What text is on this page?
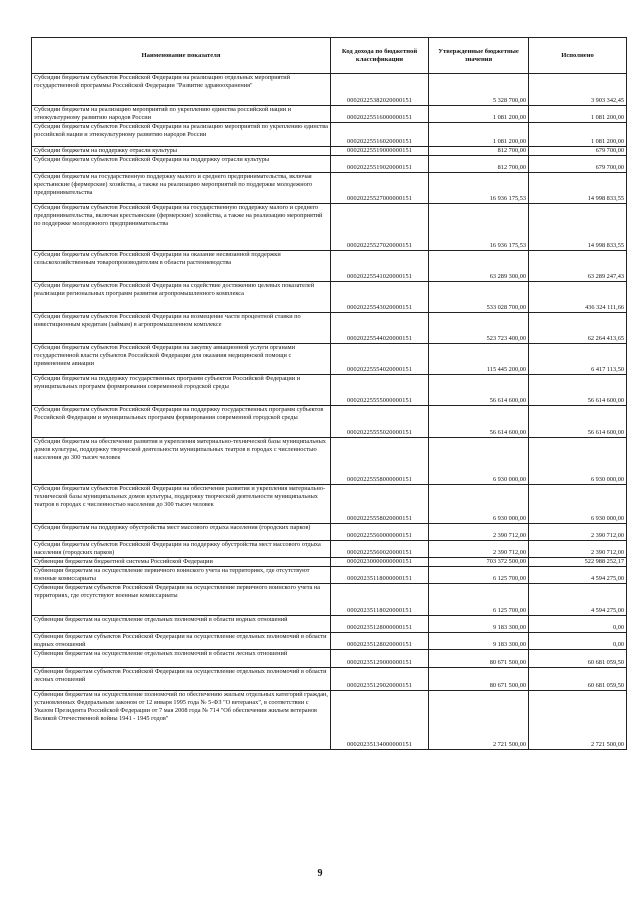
Наименование показателя	Код дохода по бюджетной классификации	Утвержденные бюджетные значения	Исполнено
Субсидии бюджетам субъектов Российской Федерации на реализацию отдельных мероприятий государственной программы Российской Федерации "Развитие здравоохранения"	00020225382020000151	5 328 700,00	3 903 342,45
Субсидии бюджетам на реализацию мероприятий по укреплению единства российской нации и этнокультурному развитию народов России	00020225516000000151	1 081 200,00	1 081 200,00
Субсидии бюджетам субъектов Российской Федерации на реализацию мероприятий по укреплению единства российской нации и этнокультурному развитию народов России	00020225516020000151	1 081 200,00	1 081 200,00
Субсидии бюджетам на поддержку отрасли культуры	00020225519000000151	812 700,00	679 700,00
Субсидии бюджетам субъектов Российской Федерации на поддержку отрасли культуры	00020225519020000151	812 700,00	679 700,00
Субсидии бюджетам на государственную поддержку малого и среднего предпринимательства, включая крестьянские (фермерские) хозяйства, а также на реализацию мероприятий по поддержке молодежного предпринимательства	00020225527000000151	16 936 175,53	14 998 833,55
Субсидии бюджетам субъектов Российской Федерации на государственную поддержку малого и среднего предпринимательства, включая крестьянские (фермерские) хозяйства, а также на реализацию мероприятий по поддержке молодежного предпринимательства	00020225527020000151	16 936 175,53	14 998 833,55
Субсидии бюджетам субъектов Российской Федерации на оказание несвязанной поддержки сельскохозяйственным товаропроизводителям в области растениеводства	00020225541020000151	63 289 300,00	63 289 247,43
Субсидии бюджетам субъектов Российской Федерации на содействие достижению целевых показателей реализации региональных программ развития агропромышленного комплекса	00020225543020000151	533 028 700,00	436 324 111,66
Субсидии бюджетам субъектов Российской Федерации на возмещение части процентной ставки по инвестиционным кредитам (займам) в агропромышленном комплексе	00020225544020000151	523 723 400,00	62 264 413,65
Субсидии бюджетам субъектов Российской Федерации на закупку авиационной услуги органами государственной власти субъектов Российской Федерации для оказания медицинской помощи с применением авиации	00020225554020000151	115 445 200,00	6 417 113,50
Субсидии бюджетам на поддержку государственных программ субъектов Российской Федерации и муниципальных программ формирования современной городской среды	00020225555000000151	56 614 600,00	56 614 600,00
Субсидии бюджетам субъектов Российской Федерации на поддержку государственных программ субъектов Российской Федерации и муниципальных программ формирования современной городской среды	00020225555020000151	56 614 600,00	56 614 600,00
Субсидии бюджетам на обеспечение развития и укрепления материально-технической базы муниципальных домов культуры, поддержку творческой деятельности муниципальных театров в городах с численностью населения до 300 тысяч человек	00020225558000000151	6 930 000,00	6 930 000,00
Субсидии бюджетам субъектов Российской Федерации на обеспечение развития и укрепления материально-технической базы муниципальных домов культуры, поддержку творческой деятельности муниципальных театров в городах с численностью населения до 300 тысяч человек	00020225558020000151	6 930 000,00	6 930 000,00
Субсидии бюджетам на поддержку обустройства мест массового отдыха населения (городских парков)	00020225560000000151	2 390 712,00	2 390 712,00
Субсидии бюджетам субъектов Российской Федерации на поддержку обустройства мест массового отдыха населения (городских парков)	00020225560020000151	2 390 712,00	2 390 712,00
Субвенции бюджетам бюджетной системы Российской Федерации	00020230000000000151	703 372 500,00	522 988 252,17
Субвенции бюджетам на осуществление первичного воинского учета на территориях, где отсутствуют военные комиссариаты	00020235118000000151	6 125 700,00	4 594 275,00
Субвенции бюджетам субъектов Российской Федерации на осуществление первичного воинского учета на территориях, где отсутствуют военные комиссариаты	00020235118020000151	6 125 700,00	4 594 275,00
Субвенции бюджетам на осуществление отдельных полномочий в области водных отношений	00020235128000000151	9 183 300,00	0,00
Субвенции бюджетам субъектов Российской Федерации на осуществление отдельных полномочий в области водных отношений	00020235128020000151	9 183 300,00	0,00
Субвенции бюджетам на осуществление отдельных полномочий в области лесных отношений	00020235129000000151	80 671 500,00	60 681 059,50
Субвенции бюджетам субъектов Российской Федерации на осуществление отдельных полномочий в области лесных отношений	00020235129020000151	80 671 500,00	60 681 059,50
Субвенции бюджетам на осуществление полномочий по обеспечению жильем отдельных категорий граждан, установленных Федеральным законом от 12 января 1995 года № 5-ФЗ "О ветеранах", в соответствии с Указом Президента Российской Федерации от 7 мая 2008 года № 714 "Об обеспечении жильем ветеранов Великой Отечественной войны 1941 - 1945 годов"	00020235134000000151	2 721 500,00	2 721 500,00
9
